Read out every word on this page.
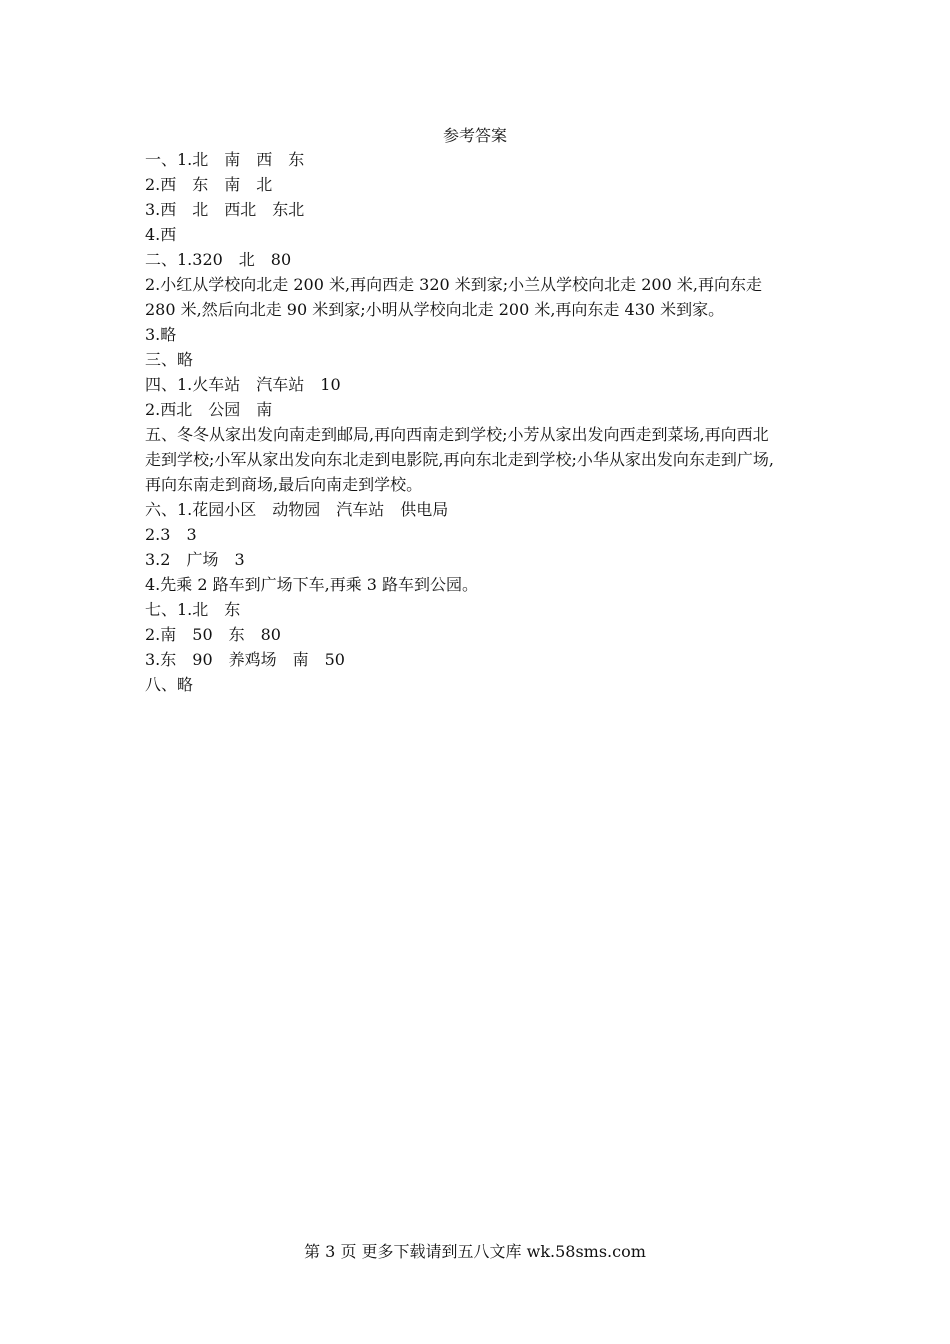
参考答案
一、1.北　南　西　东
2.西　东　南　北
3.西　北　西北　东北
4.西
二、1.320　北　80
2.小红从学校向北走 200 米,再向西走 320 米到家;小兰从学校向北走 200 米,再向东走
280 米,然后向北走 90 米到家;小明从学校向北走 200 米,再向东走 430 米到家。
3.略
三、略
四、1.火车站　汽车站　10
2.西北　公园　南
五、冬冬从家出发向南走到邮局,再向西南走到学校;小芳从家出发向西走到菜场,再向西北
走到学校;小军从家出发向东北走到电影院,再向东北走到学校;小华从家出发向东走到广场,
再向东南走到商场,最后向南走到学校。
六、1.花园小区　动物园　汽车站　供电局
2.3　3
3.2　广场　3
4.先乘 2 路车到广场下车,再乘 3 路车到公园。
七、1.北　东
2.南　50　东　80
3.东　90　养鸡场　南　50
八、略
第 3 页 更多下载请到五八文库 wk.58sms.com
